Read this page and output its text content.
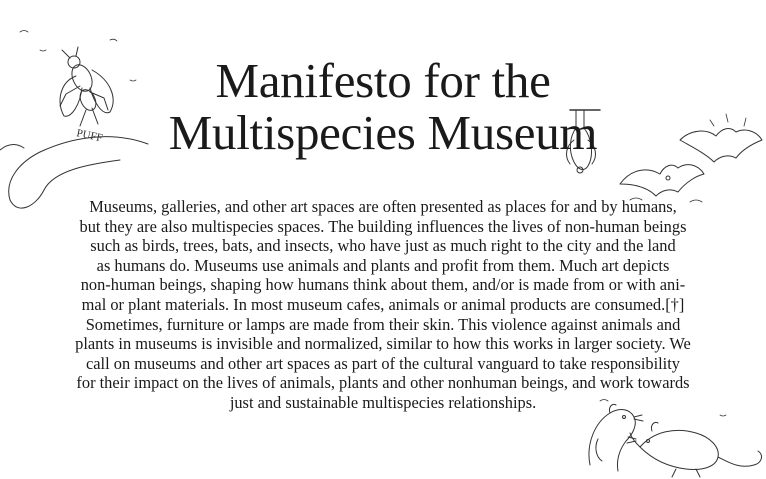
PUFF
Manifesto for the
Multispecies Museum

Museums, galleries, and other art spaces are often presented as places for and by humans,
but they are also multispecies spaces. The building influences the lives of non-human beings
such as birds, trees, bats, and insects, who have just as much right to the city and the land
as humans do. Museums use animals and plants and profit from them. Much art depicts
non-human beings, shaping how humans think about them, and/or is made from or with ani-
mal or plant materials. In most museum cafes, animals or animal products are consumed.[†]
Sometimes, furniture or lamps are made from their skin. This violence against animals and
plants in museums is invisible and normalized, similar to how this works in larger society. We
call on museums and other art spaces as part of the cultural vanguard to take responsibility
for their impact on the lives of animals, plants and other nonhuman beings, and work towards
just and sustainable multispecies relationships.
